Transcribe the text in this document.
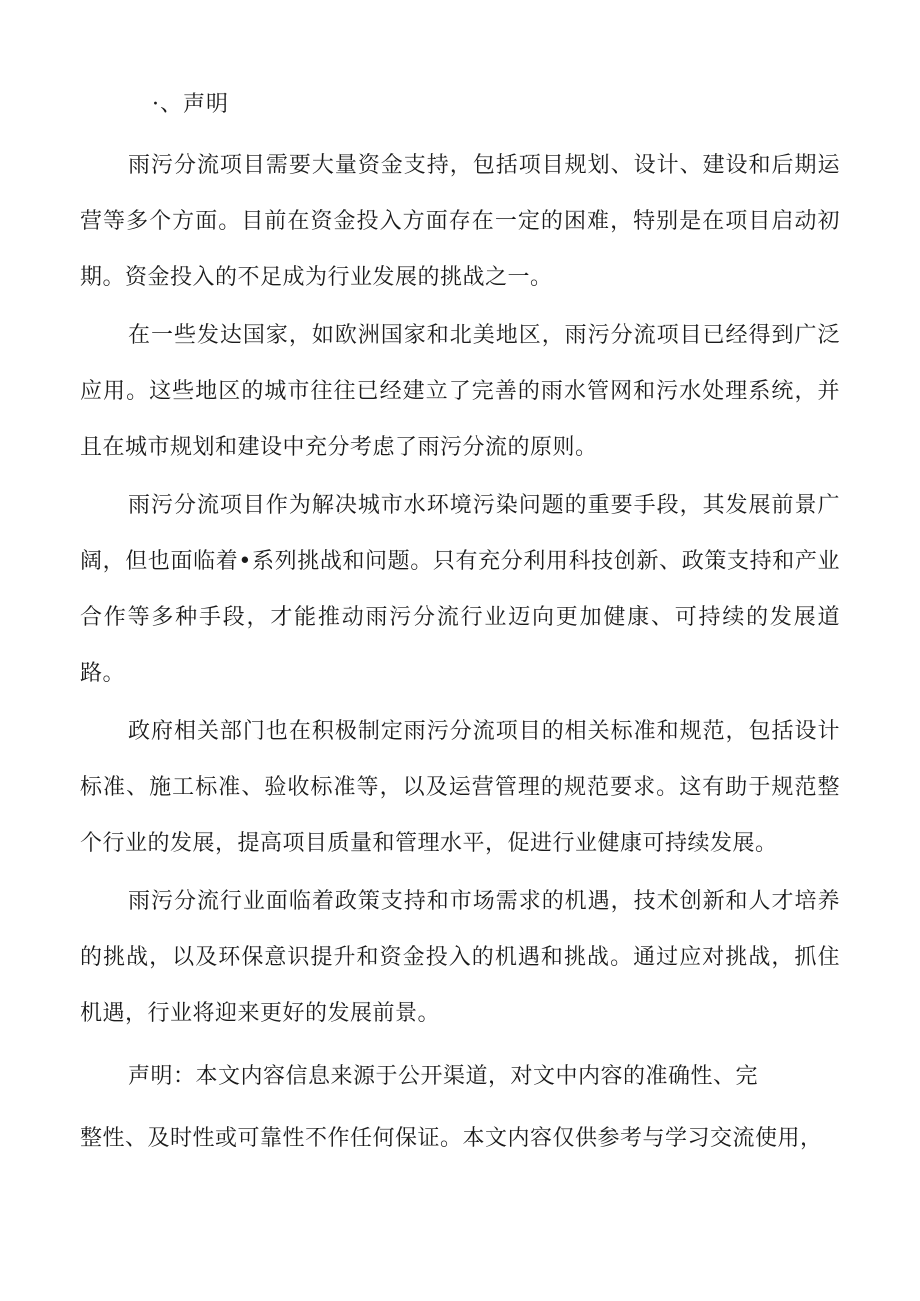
·、声明

雨污分流项目需要大量资金支持，包括项目规划、设计、建设和后期运营等多个方面。目前在资金投入方面存在一定的困难，特别是在项目启动初期。资金投入的不足成为行业发展的挑战之一。

在一些发达国家，如欧洲国家和北美地区，雨污分流项目已经得到广泛应用。这些地区的城市往往已经建立了完善的雨水管网和污水处理系统，并且在城市规划和建设中充分考虑了雨污分流的原则。

雨污分流项目作为解决城市水环境污染问题的重要手段，其发展前景广阔，但也面临着•系列挑战和问题。只有充分利用科技创新、政策支持和产业合作等多种手段，才能推动雨污分流行业迈向更加健康、可持续的发展道路。

政府相关部门也在积极制定雨污分流项目的相关标准和规范，包括设计标准、施工标准、验收标准等，以及运营管理的规范要求。这有助于规范整个行业的发展，提高项目质量和管理水平，促进行业健康可持续发展。

雨污分流行业面临着政策支持和市场需求的机遇，技术创新和人才培养的挑战，以及环保意识提升和资金投入的机遇和挑战。通过应对挑战，抓住机遇，行业将迎来更好的发展前景。

声明：本文内容信息来源于公开渠道，对文中内容的准确性、完

整性、及时性或可靠性不作任何保证。本文内容仅供参考与学习交流使用，
